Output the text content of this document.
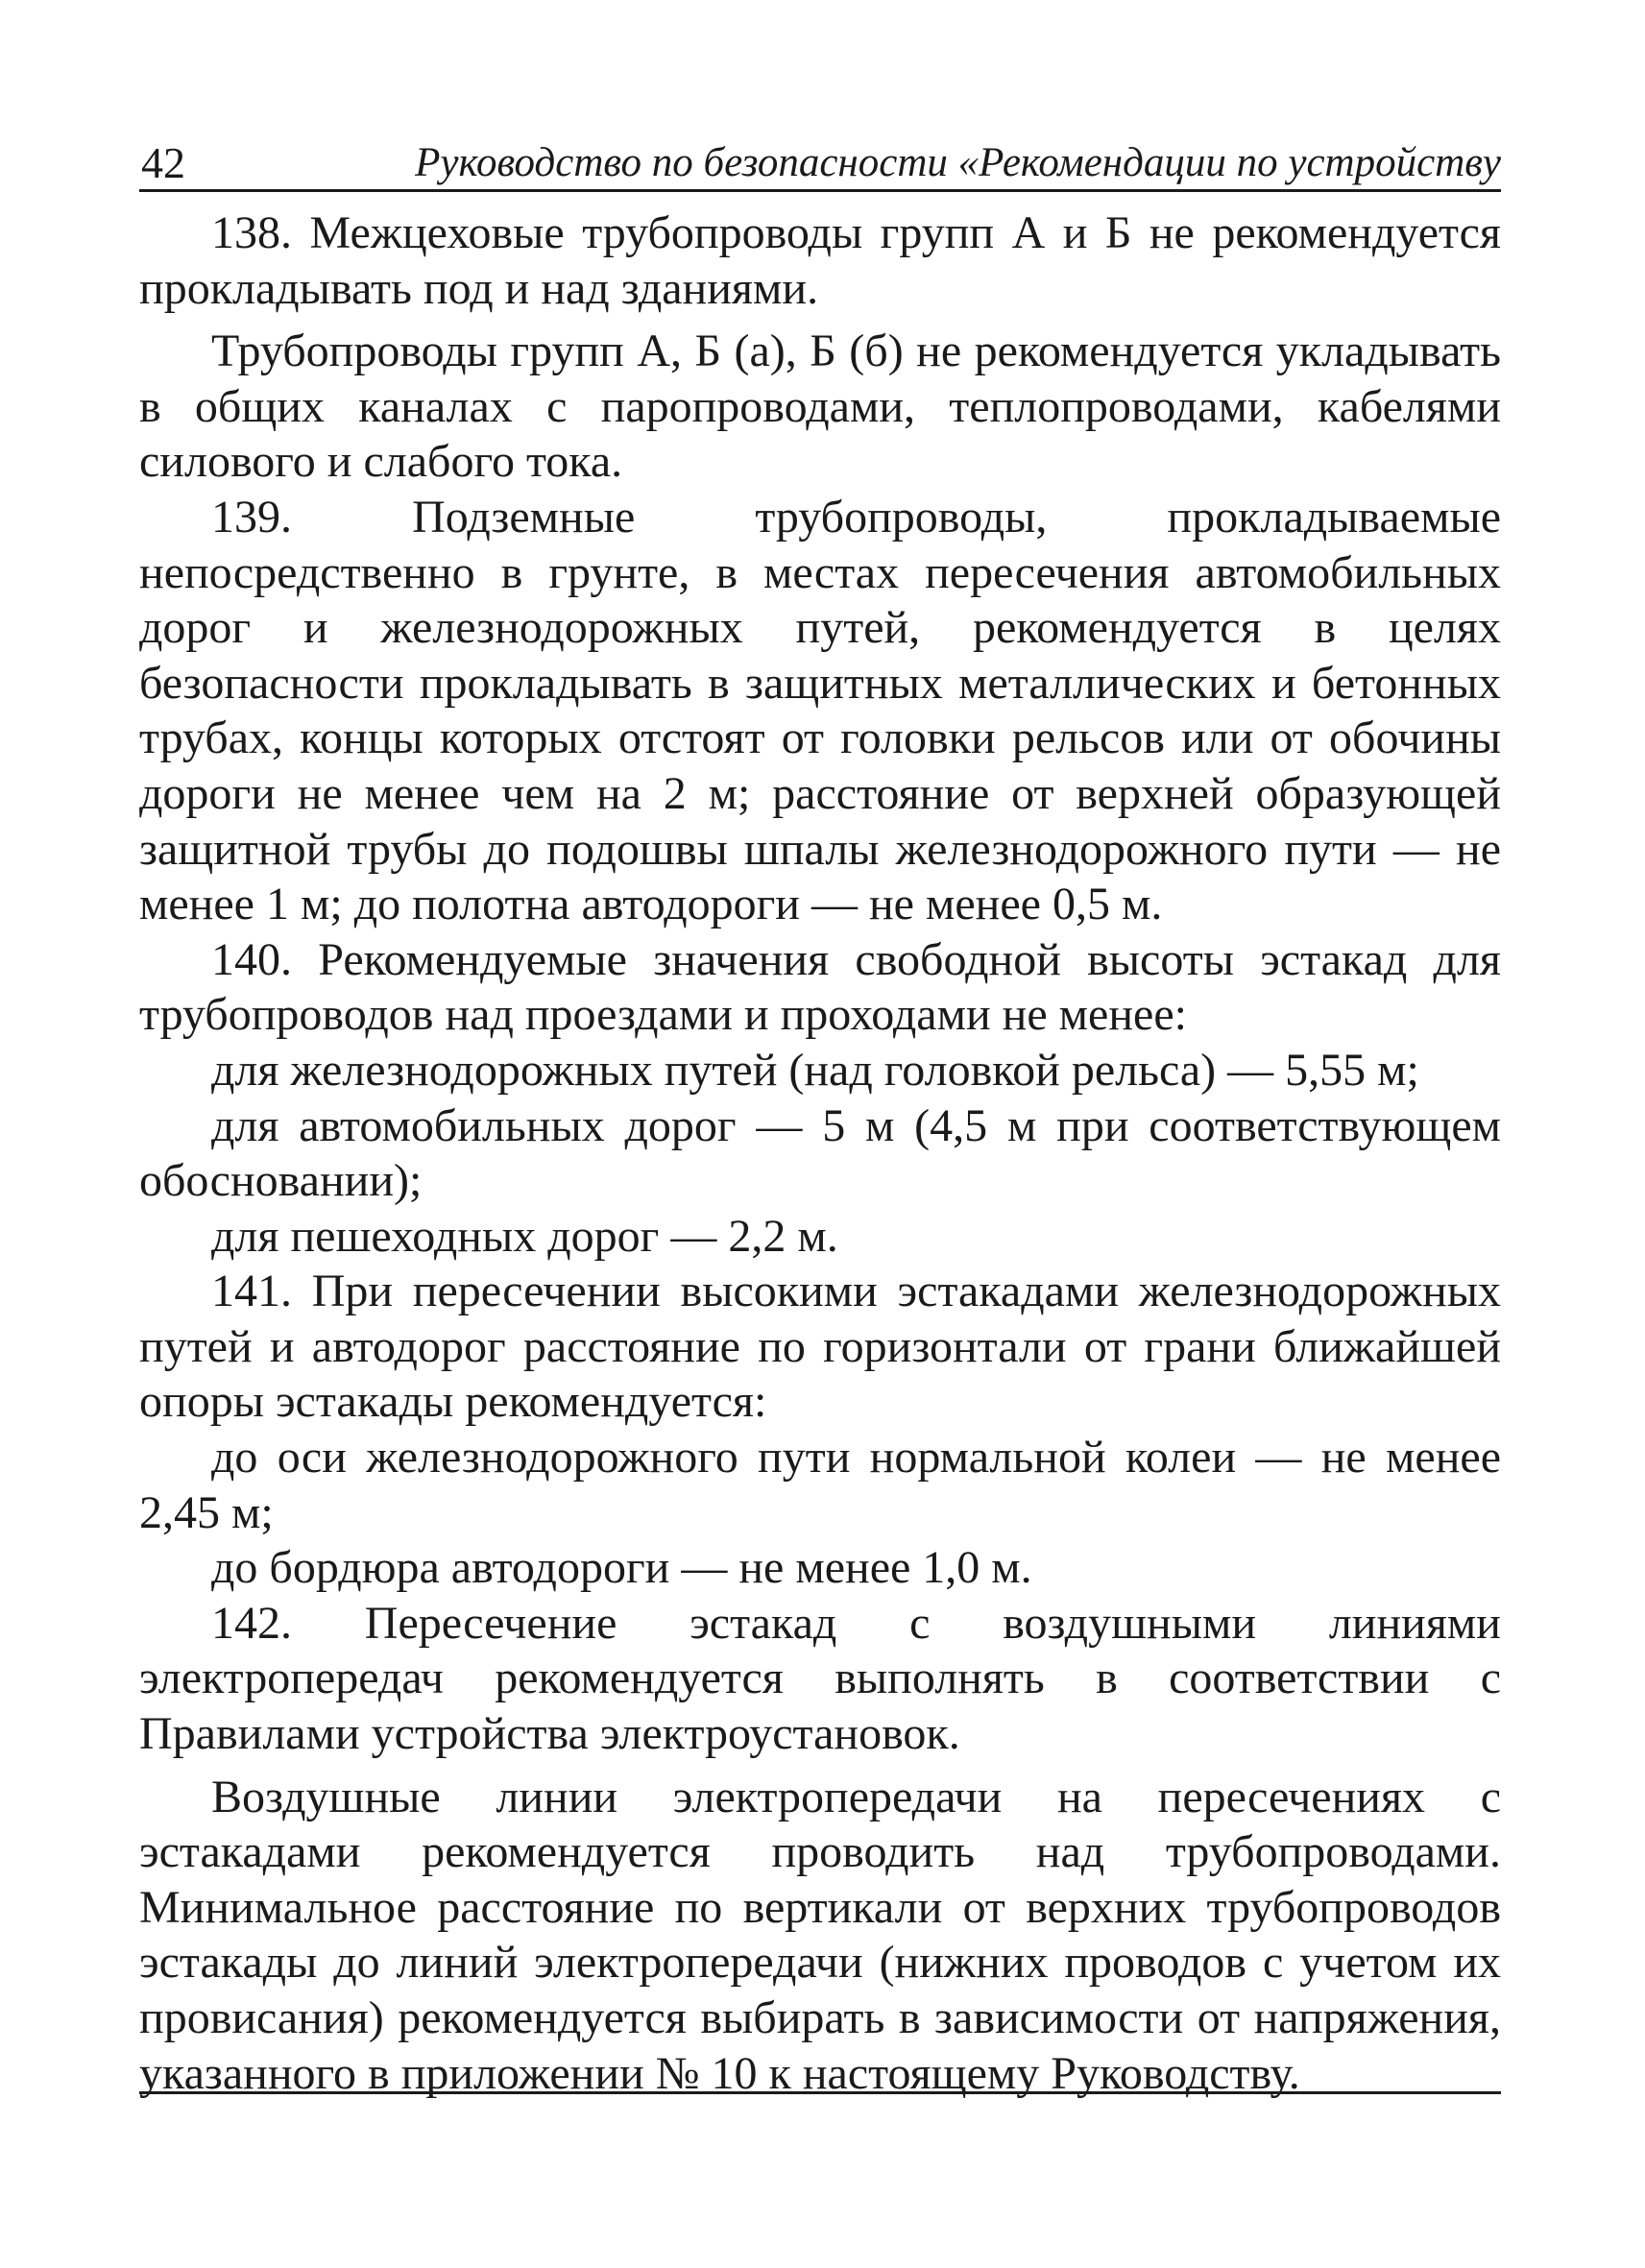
42	Руководство по безопасности «Рекомендации по устройству

138. Межцеховые трубопроводы групп А и Б не рекомендуется прокладывать под и над зданиями.

Трубопроводы групп А, Б (а), Б (б) не рекомендуется укладывать в общих каналах с паропроводами, теплопроводами, кабелями силового и слабого тока.

139. Подземные трубопроводы, прокладываемые непосредственно в грунте, в местах пересечения автомобильных дорог и железнодорожных путей, рекомендуется в целях безопасности прокладывать в защитных металлических и бетонных трубах, концы которых отстоят от головки рельсов или от обочины дороги не менее чем на 2 м; расстояние от верхней образующей защитной трубы до подошвы шпалы железнодорожного пути — не менее 1 м; до полотна автодороги — не менее 0,5 м.

140. Рекомендуемые значения свободной высоты эстакад для трубопроводов над проездами и проходами не менее:

для железнодорожных путей (над головкой рельса) — 5,55 м;

для автомобильных дорог — 5 м (4,5 м при соответствующем обосновании);

для пешеходных дорог — 2,2 м.

141. При пересечении высокими эстакадами железнодорожных путей и автодорог расстояние по горизонтали от грани ближайшей опоры эстакады рекомендуется:

до оси железнодорожного пути нормальной колеи — не менее 2,45 м;

до бордюра автодороги — не менее 1,0 м.

142. Пересечение эстакад с воздушными линиями электропередач рекомендуется выполнять в соответствии с Правилами устройства электроустановок.

Воздушные линии электропередачи на пересечениях с эстакадами рекомендуется проводить над трубопроводами. Минимальное расстояние по вертикали от верхних трубопроводов эстакады до линий электропередачи (нижних проводов с учетом их провисания) рекомендуется выбирать в зависимости от напряжения, указанного в приложении № 10 к настоящему Руководству.
